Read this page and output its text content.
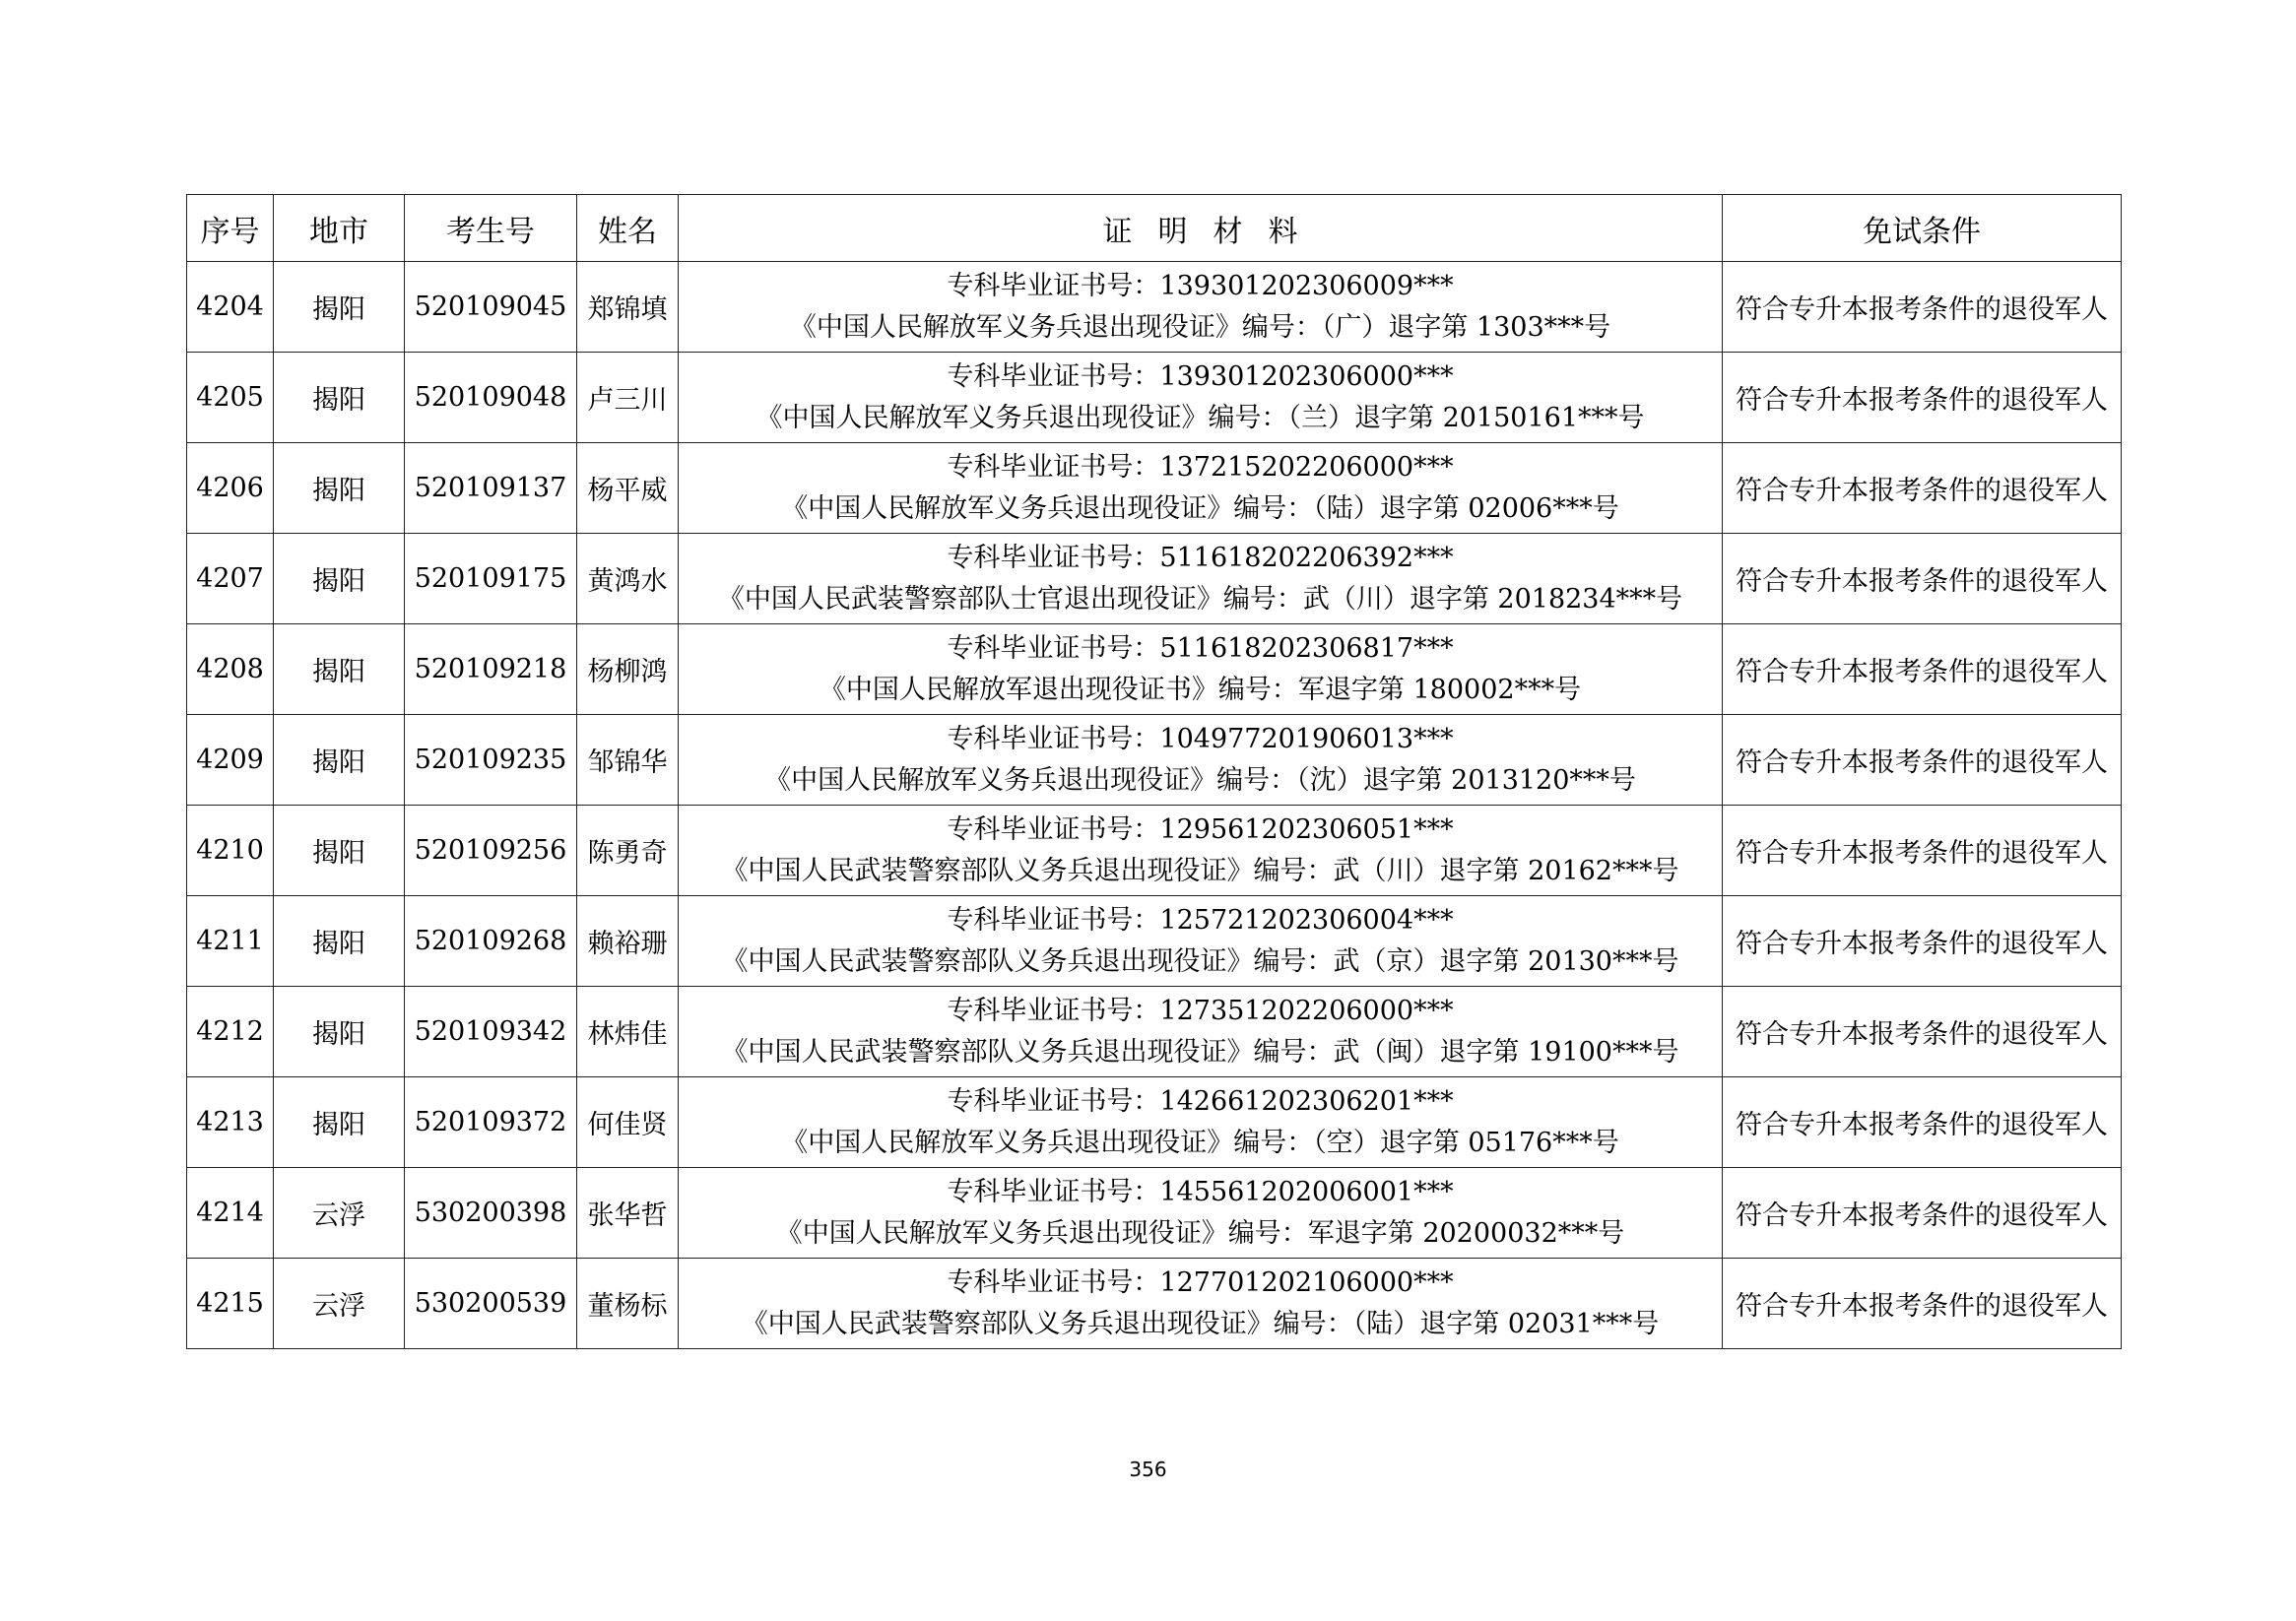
序号	地市	考生号	姓名	证明材料	免试条件
4204	揭阳	520109045	郑锦填	专科毕业证书号：139301202306009***
《中国人民解放军义务兵退出现役证》编号：（广）退字第 1303***号	符合专升本报考条件的退役军人
4205	揭阳	520109048	卢三川	专科毕业证书号：139301202306000***
《中国人民解放军义务兵退出现役证》编号：（兰）退字第 20150161***号	符合专升本报考条件的退役军人
4206	揭阳	520109137	杨平威	专科毕业证书号：137215202206000***
《中国人民解放军义务兵退出现役证》编号：（陆）退字第 02006***号	符合专升本报考条件的退役军人
4207	揭阳	520109175	黄鸿水	专科毕业证书号：511618202206392***
《中国人民武装警察部队士官退出现役证》编号：武（川）退字第 2018234***号	符合专升本报考条件的退役军人
4208	揭阳	520109218	杨柳鸿	专科毕业证书号：511618202306817***
《中国人民解放军退出现役证书》编号：军退字第 180002***号	符合专升本报考条件的退役军人
4209	揭阳	520109235	邹锦华	专科毕业证书号：104977201906013***
《中国人民解放军义务兵退出现役证》编号：（沈）退字第 2013120***号	符合专升本报考条件的退役军人
4210	揭阳	520109256	陈勇奇	专科毕业证书号：129561202306051***
《中国人民武装警察部队义务兵退出现役证》编号：武（川）退字第 20162***号	符合专升本报考条件的退役军人
4211	揭阳	520109268	赖裕珊	专科毕业证书号：125721202306004***
《中国人民武装警察部队义务兵退出现役证》编号：武（京）退字第 20130***号	符合专升本报考条件的退役军人
4212	揭阳	520109342	林炜佳	专科毕业证书号：127351202206000***
《中国人民武装警察部队义务兵退出现役证》编号：武（闽）退字第 19100***号	符合专升本报考条件的退役军人
4213	揭阳	520109372	何佳贤	专科毕业证书号：142661202306201***
《中国人民解放军义务兵退出现役证》编号：（空）退字第 05176***号	符合专升本报考条件的退役军人
4214	云浮	530200398	张华哲	专科毕业证书号：145561202006001***
《中国人民解放军义务兵退出现役证》编号：军退字第 20200032***号	符合专升本报考条件的退役军人
4215	云浮	530200539	董杨标	专科毕业证书号：127701202106000***
《中国人民武装警察部队义务兵退出现役证》编号：（陆）退字第 02031***号	符合专升本报考条件的退役军人
356
